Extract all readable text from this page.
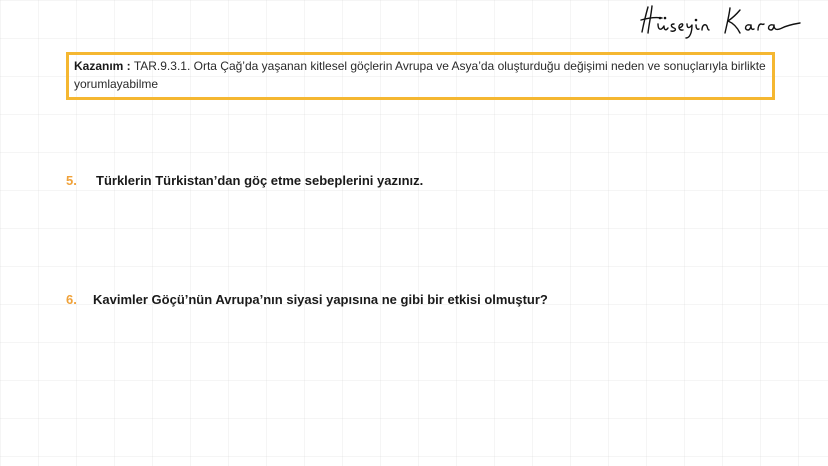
Hüseyin Kara
Kazanım : TAR.9.3.1. Orta Çağ’da yaşanan kitlesel göçlerin Avrupa ve Asya’da oluşturduğu değişimi neden ve sonuçlarıyla birlikte yorumlayabilme
5. Türklerin Türkistan’dan göç etme sebeplerini yazınız.
6. Kavimler Göçü’nün Avrupa’nın siyasi yapısına ne gibi bir etkisi olmuştur?
